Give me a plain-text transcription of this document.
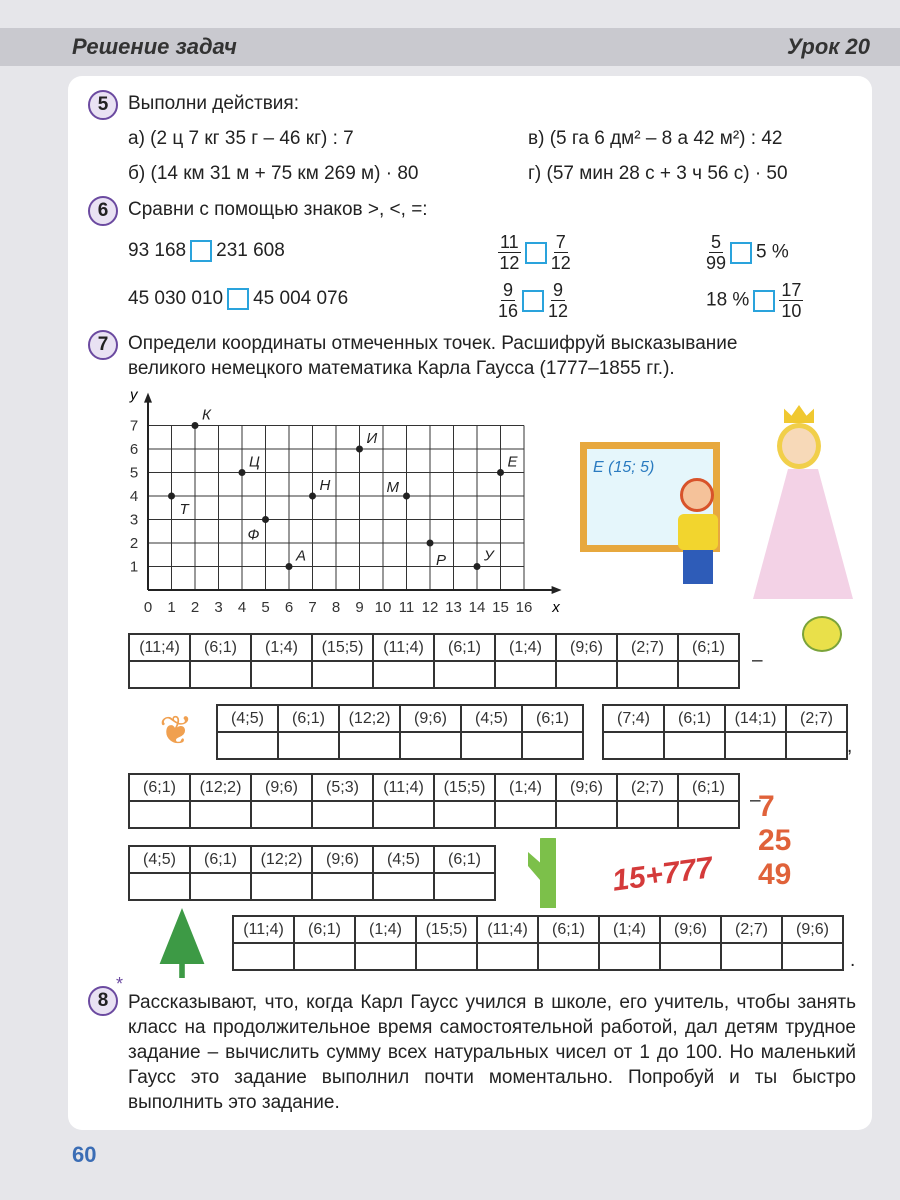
Решение задач	Урок 20
5	Выполни действия:
а) (2 ц 7 кг 35 г – 46 кг) : 7
б) (14 км 31 м + 75 км 269 м) · 80
в) (5 га 6 дм² – 8 а 42 м²) : 42
г) (57 мин 28 с + 3 ч 56 с) · 50
6	Сравни с помощью знаков >, <, =:
93 168 231 608
45 030 010 45 004 076
$\frac{11}{12} \frac{7}{12}$
$\frac{9}{16} \frac{9}{12}$
$\frac{5}{99} 5$ %
18 % $\frac{17}{10}$
7	Определи координаты отмеченных точек. Расшифруй высказывание
великого немецкого математика Карла Гаусса (1777–1855 гг.).
0 1 2 3 4 5 6 7 8 9 10 11 12 13 14 15 16
1
2
3
4
5
6
7
x
y
Т
К
Ц
Ф
А
Н
И
М
Р	У
Е	E (15; 5)
❦
15+777
7
25
49
(11;4)	(6;1)	(1;4)	(15;5)	(11;4)	(6;1)	(1;4)	(9;6)	(2;7)	(6;1)

–
(4;5)	(6;1)	(12;2)	(9;6)	(4;5)	(6;1)
						(7;4)	(6;1)	(14;1)	(2;7)

,
(6;1)	(12;2)	(9;6)	(5;3)	(11;4)	(15;5)	(1;4)	(9;6)	(2;7)	(6;1)

–
(4;5)	(6;1)	(12;2)	(9;6)	(4;5)	(6;1)

(11;4)	(6;1)	(1;4)	(15;5)	(11;4)	(6;1)	(1;4)	(9;6)	(2;7)	(9;6)

.
8
*
Рассказывают, что, когда Карл Гаусс учился в школе, его учитель, чтобы занять класс на продолжительное время самостоятельной работой, дал детям трудное задание – вычислить сумму всех натуральных чисел от 1 до 100. Но маленький Гаусс это задание выполнил почти моментально. Попробуй и ты быстро выполнить это задание.
60
